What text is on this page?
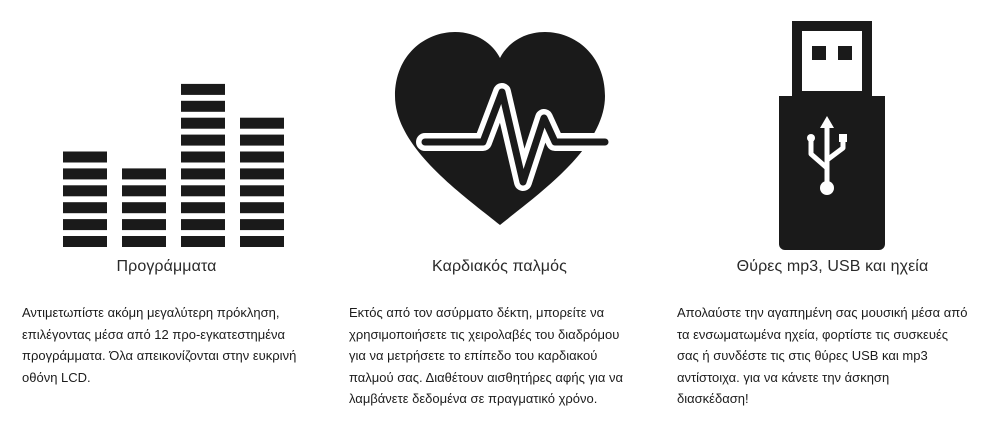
Προγράμματα
Αντιμετωπίστε ακόμη μεγαλύτερη πρόκληση,
επιλέγοντας μέσα από 12 προ-εγκατεστημένα
προγράμματα. Όλα απεικονίζονται στην ευκρινή
οθόνη LCD.
Καρδιακός παλμός
Εκτός από τον ασύρματο δέκτη, μπορείτε να
χρησιμοποιήσετε τις χειρολαβές του διαδρόμου
για να μετρήσετε το επίπεδο του καρδιακού
παλμού σας. Διαθέτουν αισθητήρες αφής για να
λαμβάνετε δεδομένα σε πραγματικό χρόνο.
Θύρες mp3, USB και ηχεία
Απολαύστε την αγαπημένη σας μουσική μέσα από
τα ενσωματωμένα ηχεία, φορτίστε τις συσκευές
σας ή συνδέστε τις στις θύρες USB και mp3
αντίστοιχα. για να κάνετε την άσκηση
διασκέδαση!
